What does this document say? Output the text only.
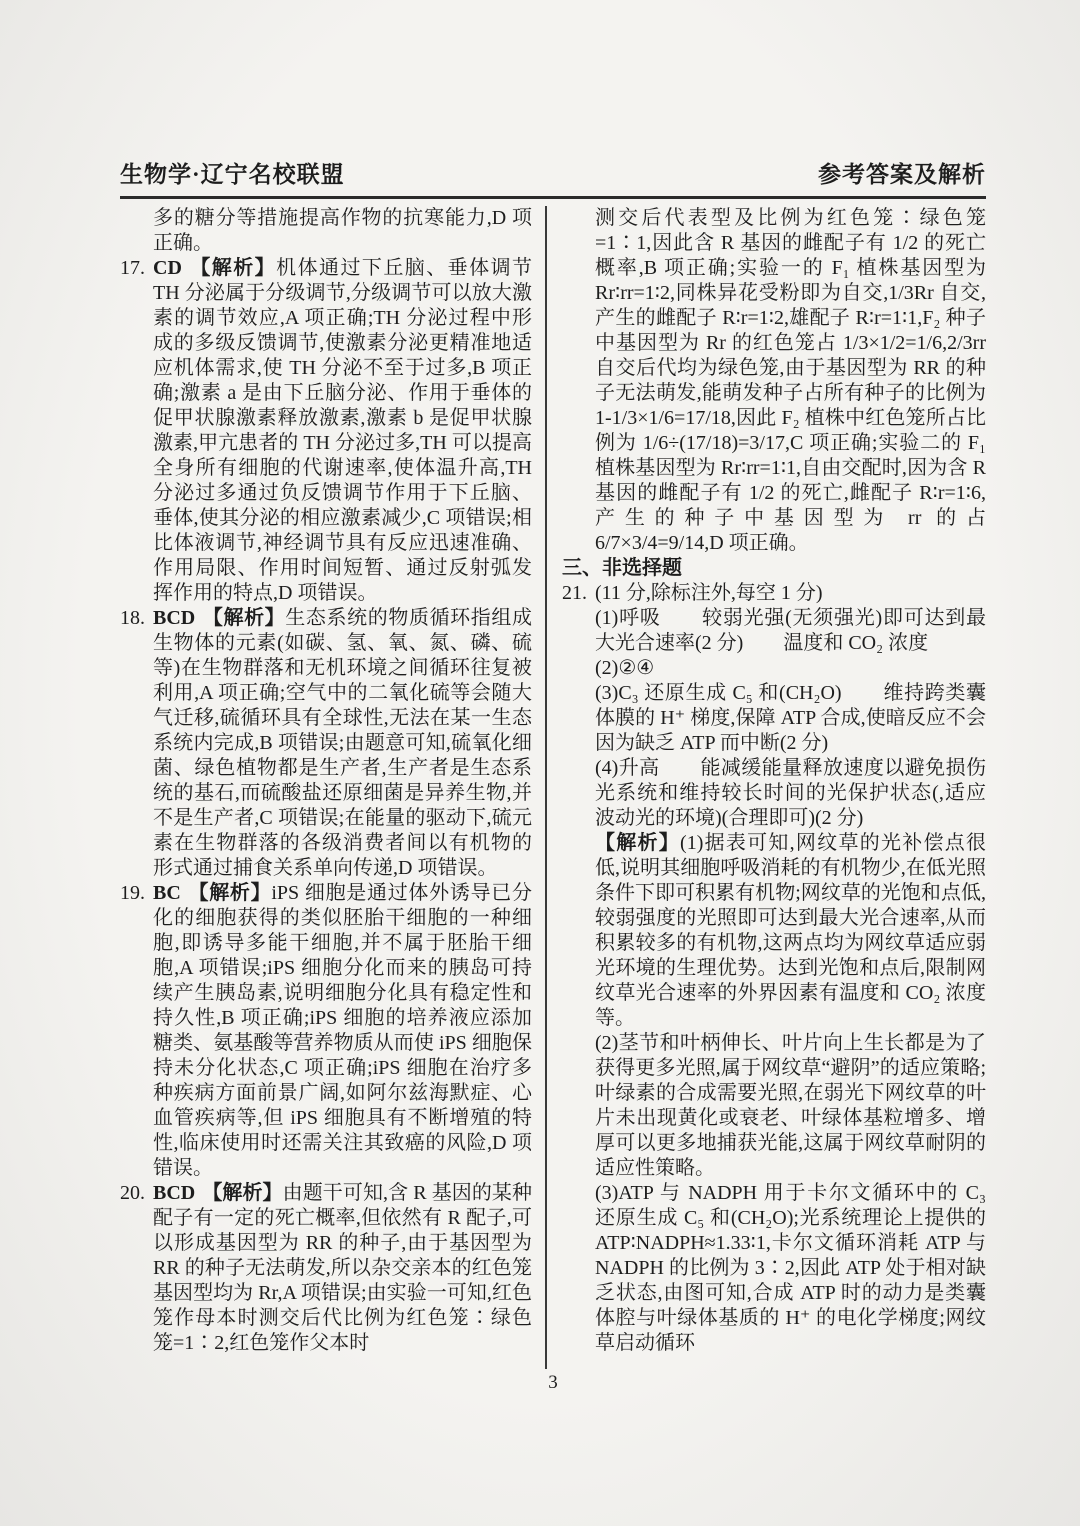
生物学·辽宁名校联盟	参考答案及解析
多的糖分等措施提高作物的抗寒能力,D 项正确。
17. CD 【解析】机体通过下丘脑、垂体调节 TH 分泌属于分级调节,分级调节可以放大激素的调节效应,A 项正确;TH 分泌过程中形成的多级反馈调节,使激素分泌更精准地适应机体需求,使 TH 分泌不至于过多,B 项正确;激素 a 是由下丘脑分泌、作用于垂体的促甲状腺激素释放激素,激素 b 是促甲状腺激素,甲亢患者的 TH 分泌过多,TH 可以提高全身所有细胞的代谢速率,使体温升高,TH 分泌过多通过负反馈调节作用于下丘脑、垂体,使其分泌的相应激素减少,C 项错误;相比体液调节,神经调节具有反应迅速准确、作用局限、作用时间短暂、通过反射弧发挥作用的特点,D 项错误。
18. BCD 【解析】生态系统的物质循环指组成生物体的元素(如碳、氢、氧、氮、磷、硫等)在生物群落和无机环境之间循环往复被利用,A 项正确;空气中的二氧化硫等会随大气迁移,硫循环具有全球性,无法在某一生态系统内完成,B 项错误;由题意可知,硫氧化细菌、绿色植物都是生产者,生产者是生态系统的基石,而硫酸盐还原细菌是异养生物,并不是生产者,C 项错误;在能量的驱动下,硫元素在生物群落的各级消费者间以有机物的形式通过捕食关系单向传递,D 项错误。
19. BC 【解析】iPS 细胞是通过体外诱导已分化的细胞获得的类似胚胎干细胞的一种细胞,即诱导多能干细胞,并不属于胚胎干细胞,A 项错误;iPS 细胞分化而来的胰岛可持续产生胰岛素,说明细胞分化具有稳定性和持久性,B 项正确;iPS 细胞的培养液应添加糖类、氨基酸等营养物质从而使 iPS 细胞保持未分化状态,C 项正确;iPS 细胞在治疗多种疾病方面前景广阔,如阿尔兹海默症、心血管疾病等,但 iPS 细胞具有不断增殖的特性,临床使用时还需关注其致癌的风险,D 项错误。
20. BCD 【解析】由题干可知,含 R 基因的某种配子有一定的死亡概率,但依然有 R 配子,可以形成基因型为 RR 的种子,由于基因型为 RR 的种子无法萌发,所以杂交亲本的红色笼基因型均为 Rr,A 项错误;由实验一可知,红色笼作母本时测交后代比例为红色笼∶绿色笼=1∶2,红色笼作父本时
测交后代表型及比例为红色笼∶绿色笼=1∶1,因此含 R 基因的雌配子有 1/2 的死亡概率,B 项正确;实验一的 F₁ 植株基因型为 Rr∶rr=1∶2,同株异花受粉即为自交,1/3Rr 自交,产生的雌配子 R∶r=1∶2,雄配子 R∶r=1∶1,F₂ 种子中基因型为 Rr 的红色笼占 1/3×1/2=1/6,2/3rr 自交后代均为绿色笼,由于基因型为 RR 的种子无法萌发,能萌发种子占所有种子的比例为 1-1/3×1/6=17/18,因此 F₂ 植株中红色笼所占比例为 1/6÷(17/18)=3/17,C 项正确;实验二的 F₁ 植株基因型为 Rr∶rr=1∶1,自由交配时,因为含 R 基因的雌配子有 1/2 的死亡,雌配子 R∶r=1∶6,产生的种子中基因型为 rr 的占 6/7×3/4=9/14,D 项正确。
三、非选择题
21. (11 分,除标注外,每空 1 分)
(1)呼吸　　较弱光强(无须强光)即可达到最大光合速率(2 分)　　温度和 CO₂ 浓度
(2)②④
(3)C₃ 还原生成 C₅ 和(CH₂O)　　维持跨类囊体膜的 H⁺ 梯度,保障 ATP 合成,使暗反应不会因为缺乏 ATP 而中断(2 分)
(4)升高　　能减缓能量释放速度以避免损伤光系统和维持较长时间的光保护状态(,适应波动光的环境)(合理即可)(2 分)
【解析】(1)据表可知,网纹草的光补偿点很低,说明其细胞呼吸消耗的有机物少,在低光照条件下即可积累有机物;网纹草的光饱和点低,较弱强度的光照即可达到最大光合速率,从而积累较多的有机物,这两点均为网纹草适应弱光环境的生理优势。达到光饱和点后,限制网纹草光合速率的外界因素有温度和 CO₂ 浓度等。
(2)茎节和叶柄伸长、叶片向上生长都是为了获得更多光照,属于网纹草“避阴”的适应策略;叶绿素的合成需要光照,在弱光下网纹草的叶片未出现黄化或衰老、叶绿体基粒增多、增厚可以更多地捕获光能,这属于网纹草耐阴的适应性策略。
(3)ATP 与 NADPH 用于卡尔文循环中的 C₃ 还原生成 C₅ 和(CH₂O);光系统理论上提供的 ATP∶NADPH≈1.33∶1,卡尔文循环消耗 ATP 与 NADPH 的比例为 3∶2,因此 ATP 处于相对缺乏状态,由图可知,合成 ATP 时的动力是类囊体腔与叶绿体基质的 H⁺ 的电化学梯度;网纹草启动循环
3
